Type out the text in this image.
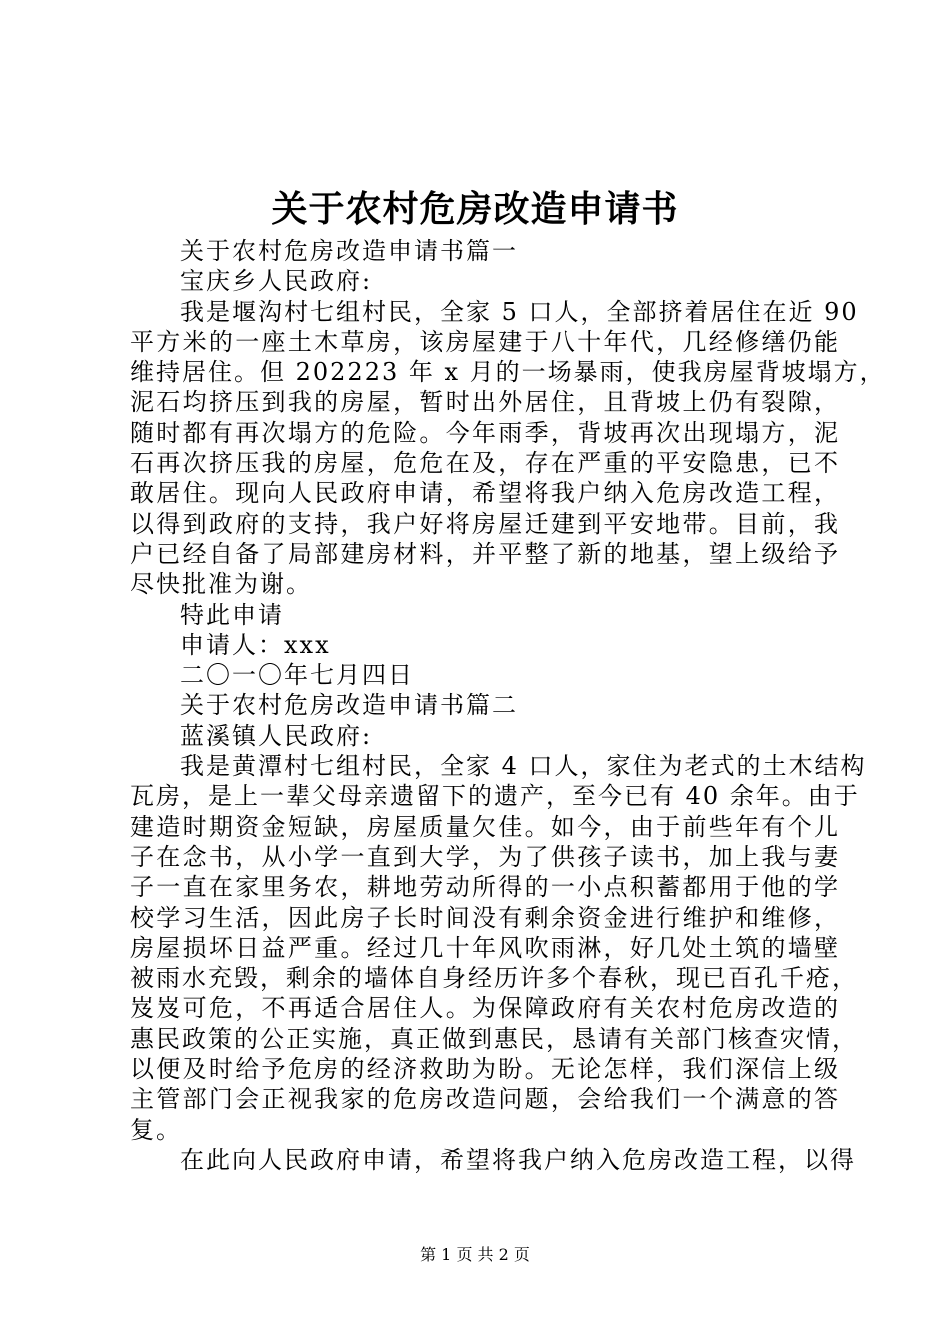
关于农村危房改造申请书
关于农村危房改造申请书篇一
宝庆乡人民政府:
我是堰沟村七组村民，全家 5 口人，全部挤着居住在近 90
平方米的一座土木草房，该房屋建于八十年代，几经修缮仍能
维持居住。但 202223 年 x 月的一场暴雨，使我房屋背坡塌方，
泥石均挤压到我的房屋，暂时出外居住，且背坡上仍有裂隙，
随时都有再次塌方的危险。今年雨季，背坡再次出现塌方，泥
石再次挤压我的房屋，危危在及，存在严重的平安隐患，已不
敢居住。现向人民政府申请，希望将我户纳入危房改造工程，
以得到政府的支持，我户好将房屋迁建到平安地带。目前，我
户已经自备了局部建房材料，并平整了新的地基，望上级给予
尽快批准为谢。
特此申请
申请人：xxx
二〇一〇年七月四日
关于农村危房改造申请书篇二
蓝溪镇人民政府:
我是黄潭村七组村民，全家 4 口人，家住为老式的土木结构
瓦房，是上一辈父母亲遗留下的遗产，至今已有 40 余年。由于
建造时期资金短缺，房屋质量欠佳。如今，由于前些年有个儿
子在念书，从小学一直到大学，为了供孩子读书，加上我与妻
子一直在家里务农，耕地劳动所得的一小点积蓄都用于他的学
校学习生活，因此房子长时间没有剩余资金进行维护和维修，
房屋损坏日益严重。经过几十年风吹雨淋，好几处土筑的墙壁
被雨水充毁，剩余的墙体自身经历许多个春秋，现已百孔千疮，
岌岌可危，不再适合居住人。为保障政府有关农村危房改造的
惠民政策的公正实施，真正做到惠民，恳请有关部门核查灾情，
以便及时给予危房的经济救助为盼。无论怎样，我们深信上级
主管部门会正视我家的危房改造问题，会给我们一个满意的答
复。
在此向人民政府申请，希望将我户纳入危房改造工程，以得
第 1 页 共 2 页
